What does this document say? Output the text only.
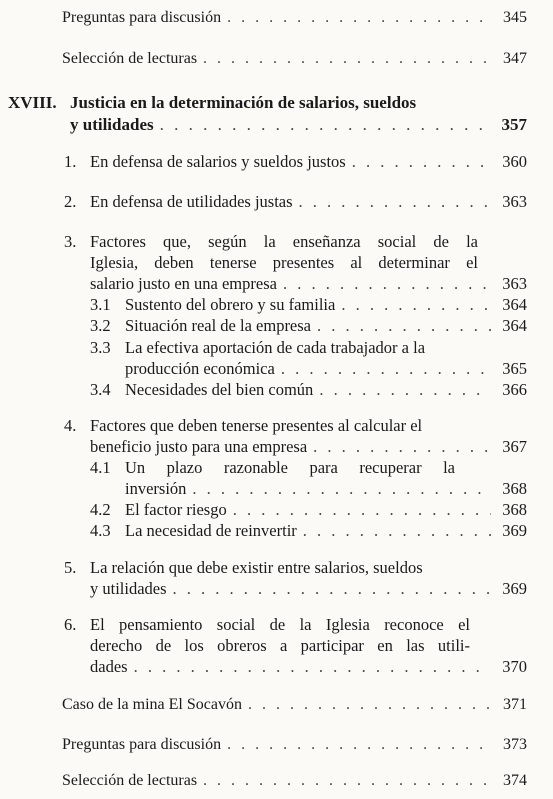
Preguntas para discusión . . .	345
Selección de lecturas . . .	347
XVIII. Justicia en la determinación de salarios, sueldos
y utilidades . . .	357
1. En defensa de salarios y sueldos justos . . .	360
2. En defensa de utilidades justas . . .	363
3. Factores que, según la enseñanza social de la
Iglesia, deben tenerse presentes al determinar el
salario justo en una empresa . . .	363
3.1 Sustento del obrero y su familia . . .	364
3.2 Situación real de la empresa . . .	364
3.3 La efectiva aportación de cada trabajador a la
producción económica . . .	365
3.4 Necesidades del bien común . . .	366
4. Factores que deben tenerse presentes al calcular el
beneficio justo para una empresa . . .	367
4.1 Un plazo razonable para recuperar la
inversión . . .	368
4.2 El factor riesgo . . .	368
4.3 La necesidad de reinvertir . . .	369
5. La relación que debe existir entre salarios, sueldos
y utilidades . . .	369
6. El pensamiento social de la Iglesia reconoce el
derecho de los obreros a participar en las utili-
dades . . .	370
Caso de la mina El Socavón . . .	371
Preguntas para discusión . . .	373
Selección de lecturas . . .	374
